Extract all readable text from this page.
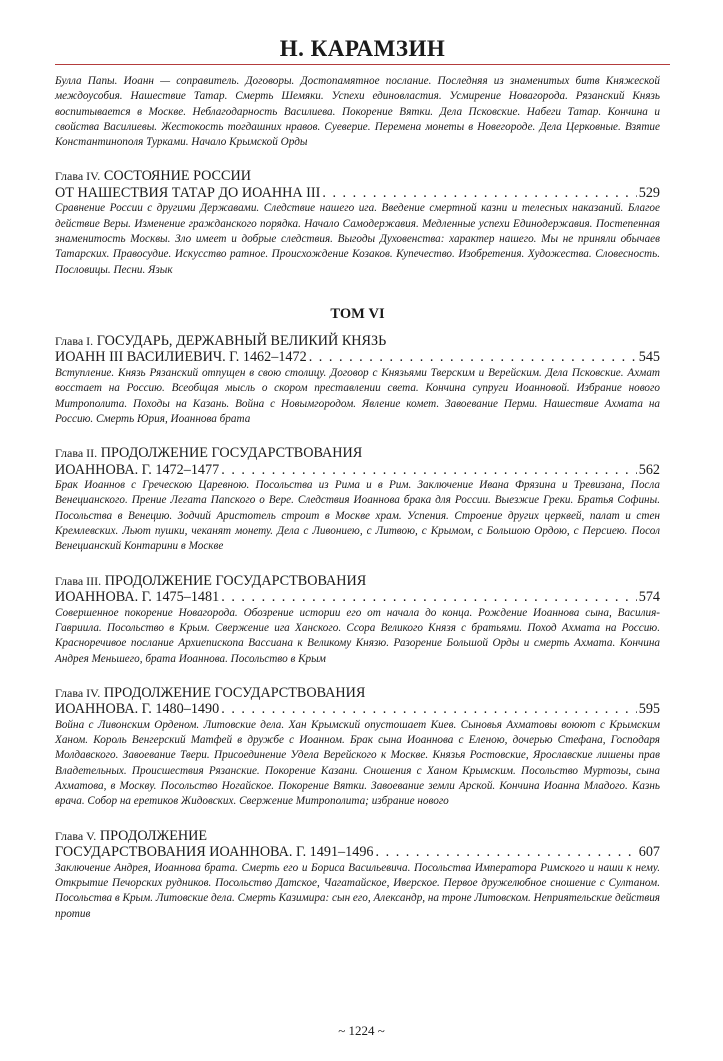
Н. КАРАМЗИН

Булла Папы. Иоанн — соправитель. Договоры. Достопамятное послание. Последняя из знаменитых битв Княжеской междоусобия. Нашествие Татар. Смерть Шемяки. Успехи единовластия. Усмирение Новагорода. Рязанский Князь воспитывается в Москве. Неблагодарность Василиева. Покорение Вятки. Дела Псковские. Набеги Татар. Кончина и свойства Василиевы. Жестокость тогдашних нравов. Суеверие. Перемена монеты в Новегороде. Дела Церковные. Взятие Константинополя Турками. Начало Крымской Орды

Глава IV. СОСТОЯНИЕ РОССИИ
ОТ НАШЕСТВИЯ ТАТАР ДО ИОАННА III . . .	529

Сравнение России с другими Державами. Следствие нашего ига. Введение смертной казни и телесных наказаний. Благое действие Веры. Изменение гражданского порядка. Начало Самодержавия. Медленные успехи Единодержавия. Постепенная знаменитость Москвы. Зло имеет и добрые следствия. Выгоды Духовенства: характер нашего. Мы не приняли обычаев Татарских. Правосудие. Искусство ратное. Происхождение Козаков. Купечество. Изобретения. Художества. Словесность. Пословицы. Песни. Язык

ТОМ VI
Глава I. ГОСУДАРЬ, ДЕРЖАВНЫЙ ВЕЛИКИЙ КНЯЗЬ
ИОАНН III ВАСИЛИЕВИЧ. Г. 1462–1472 . . .	545

Вступление. Князь Рязанский отпущен в свою столицу. Договор с Князьями Тверским и Верейским. Дела Псковские. Ахмат восстает на Россию. Всеобщая мысль о скором преставлении света. Кончина супруги Иоанновой. Избрание нового Митрополита. Походы на Казань. Война с Новымгородом. Явление комет. Завоевание Перми. Нашествие Ахмата на Россию. Смерть Юрия, Иоаннова брата

Глава II. ПРОДОЛЖЕНИЕ ГОСУДАРСТВОВАНИЯ
ИОАННОВА. Г. 1472–1477 . . .	562

Брак Иоаннов с Греческою Царевною. Посольства из Рима и в Рим. Заключение Ивана Фрязина и Тревизана, Посла Венецианского. Прение Легата Папского о Вере. Следствия Иоаннова брака для России. Выезжие Греки. Братья Софины. Посольства в Венецию. Зодчий Аристотель строит в Москве храм. Успения. Строение других церквей, палат и стен Кремлевских. Льют пушки, чеканят монету. Дела с Ливониею, с Литвою, с Крымом, с Большою Ордою, с Персиею. Посол Венецианский Контарини в Москве

Глава III. ПРОДОЛЖЕНИЕ ГОСУДАРСТВОВАНИЯ
ИОАННОВА. Г. 1475–1481 . . .	574

Совершенное покорение Новагорода. Обозрение истории его от начала до конца. Рождение Иоаннова сына, Василия-Гавриила. Посольство в Крым. Свержение ига Ханского. Ссора Великого Князя с братьями. Поход Ахмата на Россию. Красноречивое послание Архиепископа Вассиана к Великому Князю. Разорение Большой Орды и смерть Ахмата. Кончина Андрея Меньшего, брата Иоаннова. Посольство в Крым

Глава IV. ПРОДОЛЖЕНИЕ ГОСУДАРСТВОВАНИЯ
ИОАННОВА. Г. 1480–1490 . . .	595

Война с Ливонским Орденом. Литовские дела. Хан Крымский опустошает Киев. Сыновья Ахматовы воюют с Крымским Ханом. Король Венгерский Матфей в дружбе с Иоанном. Брак сына Иоаннова с Еленою, дочерью Стефана, Господаря Молдавского. Завоевание Твери. Присоединение Удела Верейского к Москве. Князья Ростовские, Ярославские лишены прав Владетельных. Происшествия Рязанские. Покорение Казани. Сношения с Ханом Крымским. Посольство Муртозы, сына Ахматова, в Москву. Посольство Ногайское. Покорение Вятки. Завоевание земли Арской. Кончина Иоанна Младого. Казнь врача. Собор на еретиков Жидовских. Свержение Митрополита; избрание нового

Глава V. ПРОДОЛЖЕНИЕ
ГОСУДАРСТВОВАНИЯ ИОАННОВА. Г. 1491–1496 . . .	607

Заключение Андрея, Иоаннова брата. Смерть его и Бориса Васильевича. Посольства Императора Римского и наши к нему. Открытие Печорских рудников. Посольство Датское, Чагатайское, Иверское. Первое дружелюбное сношение с Султаном. Посольства в Крым. Литовские дела. Смерть Казимира: сын его, Александр, на троне Литовском. Неприятельские действия против

~ 1224 ~
